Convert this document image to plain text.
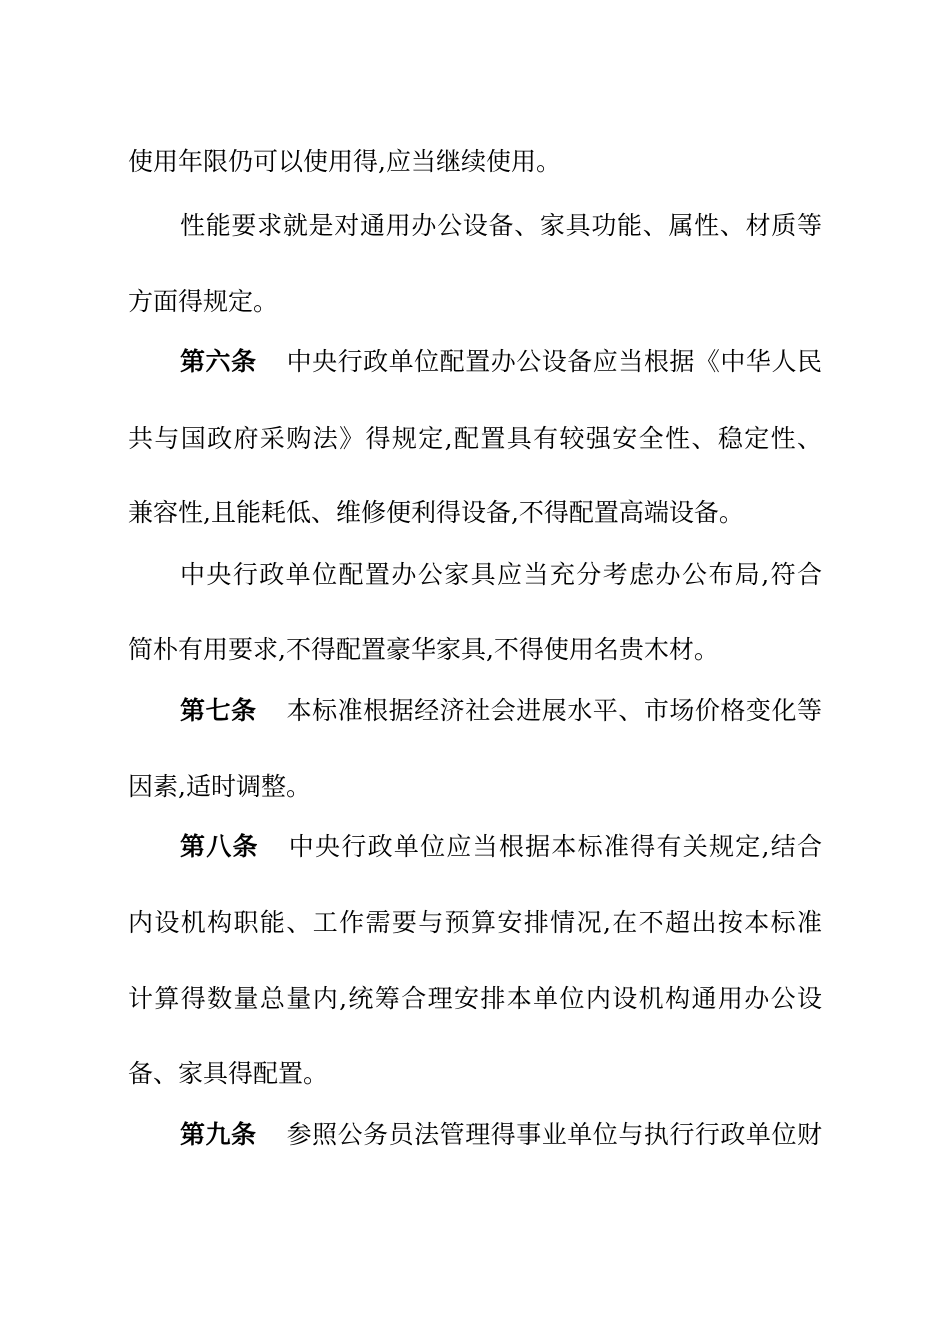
使用年限仍可以使用得,应当继续使用。
性能要求就是对通用办公设备、家具功能、属性、材质等
方面得规定。
第六条 中央行政单位配置办公设备应当根据《中华人民
共与国政府采购法》得规定,配置具有较强安全性、稳定性、
兼容性,且能耗低、维修便利得设备,不得配置高端设备。
中央行政单位配置办公家具应当充分考虑办公布局,符合
简朴有用要求,不得配置豪华家具,不得使用名贵木材。
第七条 本标准根据经济社会进展水平、市场价格变化等
因素,适时调整。
第八条 中央行政单位应当根据本标准得有关规定,结合
内设机构职能、工作需要与预算安排情况,在不超出按本标准
计算得数量总量内,统筹合理安排本单位内设机构通用办公设
备、家具得配置。
第九条 参照公务员法管理得事业单位与执行行政单位财
